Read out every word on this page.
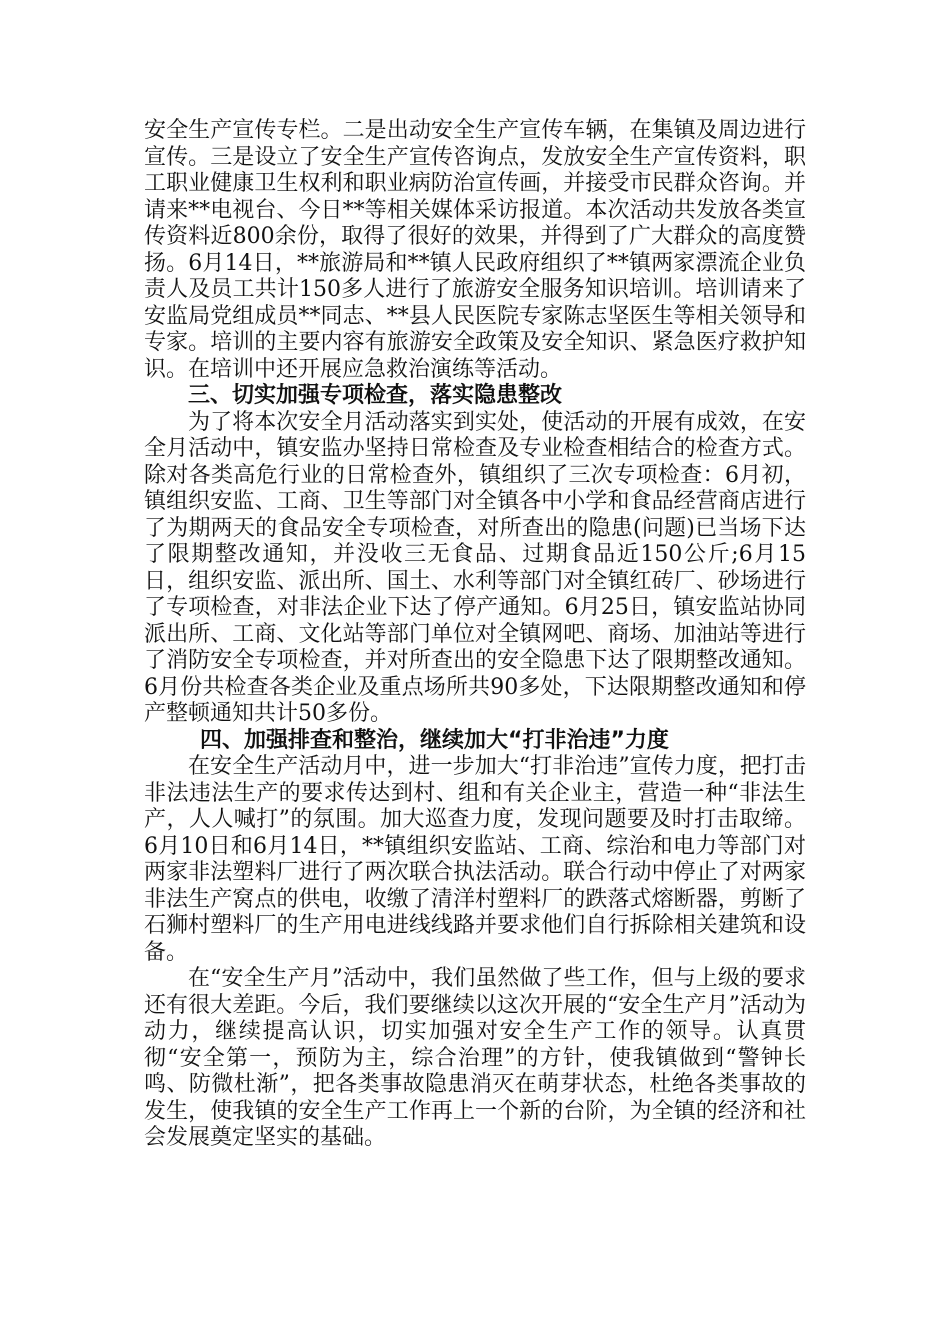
安全生产宣传专栏。二是出动安全生产宣传车辆，在集镇及周边进行宣传。三是设立了安全生产宣传咨询点，发放安全生产宣传资料，职工职业健康卫生权利和职业病防治宣传画，并接受市民群众咨询。并请来**电视台、今日**等相关媒体采访报道。本次活动共发放各类宣传资料近800余份，取得了很好的效果，并得到了广大群众的高度赞扬。6月14日，**旅游局和**镇人民政府组织了**镇两家漂流企业负责人及员工共计150多人进行了旅游安全服务知识培训。培训请来了安监局党组成员**同志、**县人民医院专家陈志坚医生等相关领导和专家。培训的主要内容有旅游安全政策及安全知识、紧急医疗救护知识。在培训中还开展应急救治演练等活动。

三、切实加强专项检查，落实隐患整改

为了将本次安全月活动落实到实处，使活动的开展有成效，在安全月活动中，镇安监办坚持日常检查及专业检查相结合的检查方式。除对各类高危行业的日常检查外，镇组织了三次专项检查：6月初，镇组织安监、工商、卫生等部门对全镇各中小学和食品经营商店进行了为期两天的食品安全专项检查，对所查出的隐患(问题)已当场下达了限期整改通知，并没收三无食品、过期食品近150公斤;6月15日，组织安监、派出所、国土、水利等部门对全镇红砖厂、砂场进行了专项检查，对非法企业下达了停产通知。6月25日，镇安监站协同派出所、工商、文化站等部门单位对全镇网吧、商场、加油站等进行了消防安全专项检查，并对所查出的安全隐患下达了限期整改通知。6月份共检查各类企业及重点场所共90多处，下达限期整改通知和停产整顿通知共计50多份。

四、加强排查和整治，继续加大“打非治违”力度

在安全生产活动月中，进一步加大“打非治违”宣传力度，把打击非法违法生产的要求传达到村、组和有关企业主，营造一种“非法生产，人人喊打”的氛围。加大巡查力度，发现问题要及时打击取缔。6月10日和6月14日，**镇组织安监站、工商、综治和电力等部门对两家非法塑料厂进行了两次联合执法活动。联合行动中停止了对两家非法生产窝点的供电，收缴了清洋村塑料厂的跌落式熔断器，剪断了石狮村塑料厂的生产用电进线线路并要求他们自行拆除相关建筑和设备。

在“安全生产月”活动中，我们虽然做了些工作，但与上级的要求还有很大差距。今后，我们要继续以这次开展的“安全生产月”活动为动力，继续提高认识，切实加强对安全生产工作的领导。认真贯彻“安全第一，预防为主，综合治理”的方针，使我镇做到“警钟长鸣、防微杜渐”，把各类事故隐患消灭在萌芽状态，杜绝各类事故的发生，使我镇的安全生产工作再上一个新的台阶，为全镇的经济和社会发展奠定坚实的基础。
